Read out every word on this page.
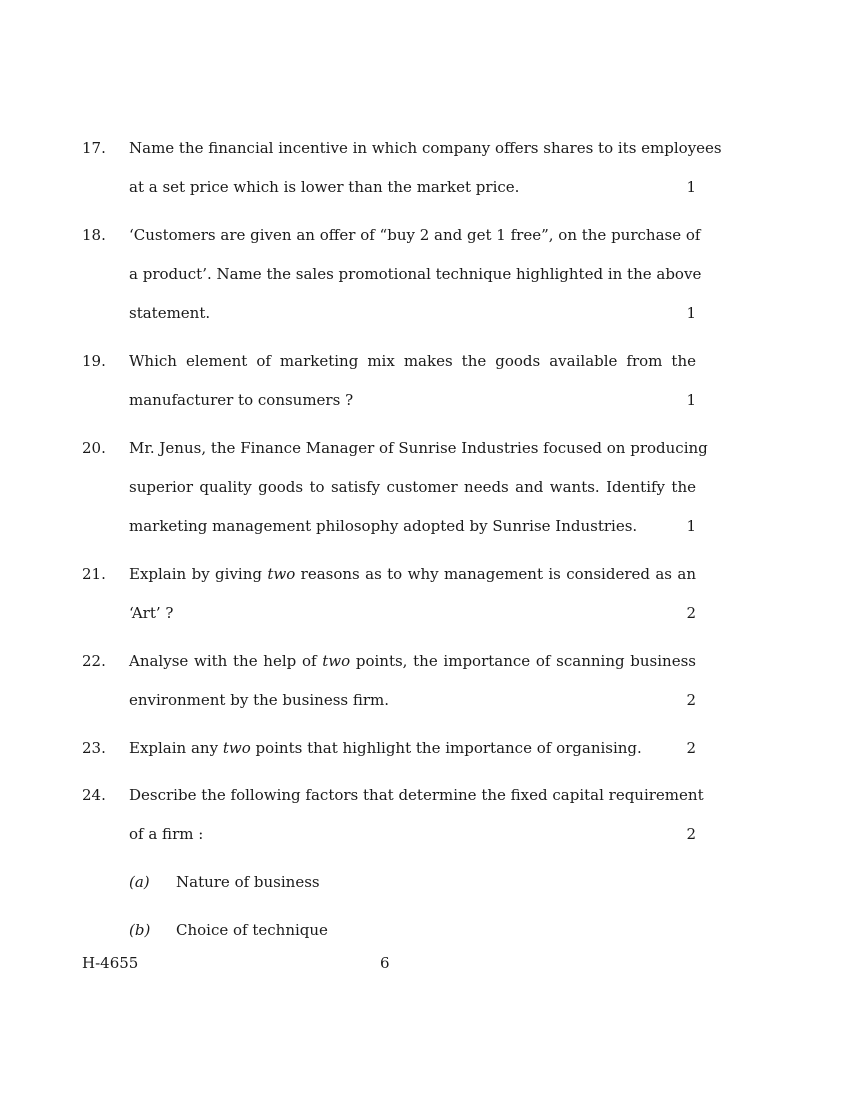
17.	Name the financial incentive in which company offers shares to its employees
at a set price which is lower than the market price.	1
18.	‘Customers are given an offer of “buy 2 and get 1 free”, on the purchase of
a product’. Name the sales promotional technique highlighted in the above
statement.	1
19.	Which element of marketing mix makes the goods available from the
manufacturer to consumers ?	1
20.	Mr. Jenus, the Finance Manager of Sunrise Industries focused on producing
superior quality goods to satisfy customer needs and wants. Identify the
marketing management philosophy adopted by Sunrise Industries.	1
21.	Explain by giving two reasons as to why management is considered as an
‘Art’ ?	2
22.	Analyse with the help of two points, the importance of scanning business
environment by the business firm.	2
23.	Explain any two points that highlight the importance of organising.	2
24.	Describe the following factors that determine the fixed capital requirement
of a firm :	2
(a) Nature of business
(b) Choice of technique
H-4655	6
